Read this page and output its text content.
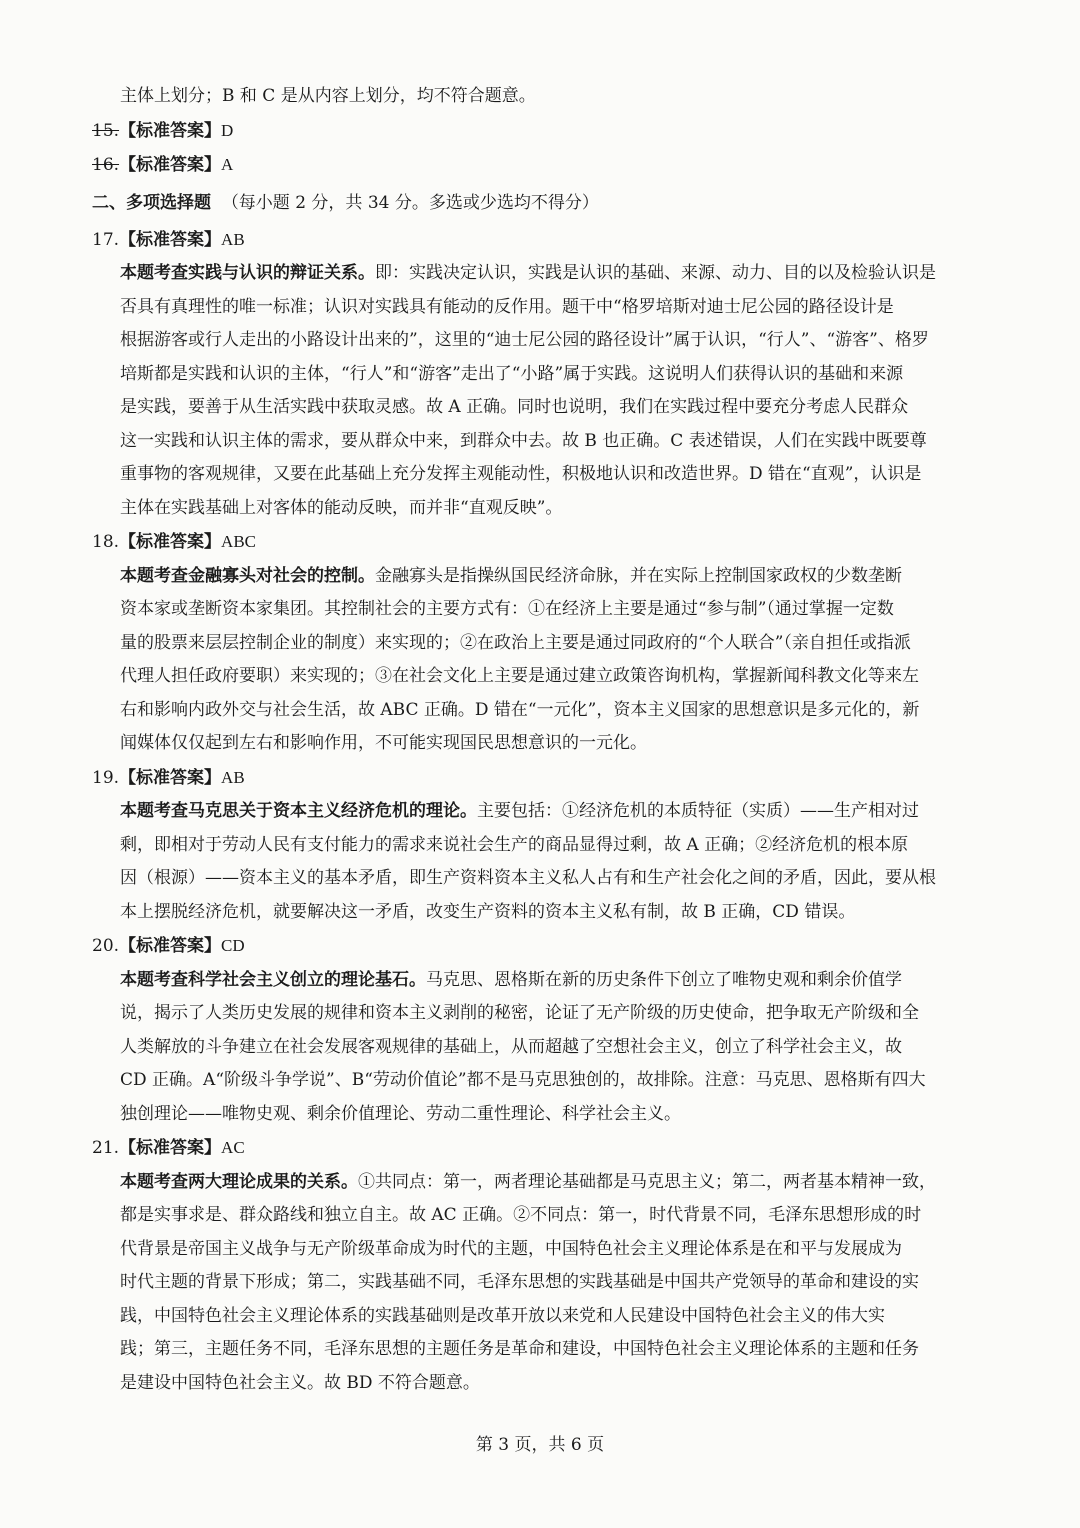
主体上划分；B 和 C 是从内容上划分，均不符合题意。
15.【标准答案】D
16.【标准答案】A
二、多项选择题 （每小题 2 分，共 34 分。多选或少选均不得分）
17.【标准答案】AB
本题考查实践与认识的辩证关系。即：实践决定认识，实践是认识的基础、来源、动力、目的以及检验认识是
否具有真理性的唯一标准；认识对实践具有能动的反作用。题干中“格罗培斯对迪士尼公园的路径设计是
根据游客或行人走出的小路设计出来的”，这里的“迪士尼公园的路径设计”属于认识，“行人”、“游客”、格罗
培斯都是实践和认识的主体，“行人”和“游客”走出了“小路”属于实践。这说明人们获得认识的基础和来源
是实践，要善于从生活实践中获取灵感。故 A 正确。同时也说明，我们在实践过程中要充分考虑人民群众
这一实践和认识主体的需求，要从群众中来，到群众中去。故 B 也正确。C 表述错误，人们在实践中既要尊
重事物的客观规律，又要在此基础上充分发挥主观能动性，积极地认识和改造世界。D 错在“直观”，认识是
主体在实践基础上对客体的能动反映，而并非“直观反映”。
18.【标准答案】ABC
本题考查金融寡头对社会的控制。金融寡头是指操纵国民经济命脉，并在实际上控制国家政权的少数垄断
资本家或垄断资本家集团。其控制社会的主要方式有：①在经济上主要是通过“参与制”（通过掌握一定数
量的股票来层层控制企业的制度）来实现的；②在政治上主要是通过同政府的“个人联合”（亲自担任或指派
代理人担任政府要职）来实现的；③在社会文化上主要是通过建立政策咨询机构，掌握新闻科教文化等来左
右和影响内政外交与社会生活，故 ABC 正确。D 错在“一元化”，资本主义国家的思想意识是多元化的，新
闻媒体仅仅起到左右和影响作用，不可能实现国民思想意识的一元化。
19.【标准答案】AB
本题考查马克思关于资本主义经济危机的理论。主要包括：①经济危机的本质特征（实质）——生产相对过
剩，即相对于劳动人民有支付能力的需求来说社会生产的商品显得过剩，故 A 正确；②经济危机的根本原
因（根源）——资本主义的基本矛盾，即生产资料资本主义私人占有和生产社会化之间的矛盾，因此，要从根
本上摆脱经济危机，就要解决这一矛盾，改变生产资料的资本主义私有制，故 B 正确，CD 错误。
20.【标准答案】CD
本题考查科学社会主义创立的理论基石。马克思、恩格斯在新的历史条件下创立了唯物史观和剩余价值学
说，揭示了人类历史发展的规律和资本主义剥削的秘密，论证了无产阶级的历史使命，把争取无产阶级和全
人类解放的斗争建立在社会发展客观规律的基础上，从而超越了空想社会主义，创立了科学社会主义，故
CD 正确。A“阶级斗争学说”、B“劳动价值论”都不是马克思独创的，故排除。注意：马克思、恩格斯有四大
独创理论——唯物史观、剩余价值理论、劳动二重性理论、科学社会主义。
21.【标准答案】AC
本题考查两大理论成果的关系。①共同点：第一，两者理论基础都是马克思主义；第二，两者基本精神一致，
都是实事求是、群众路线和独立自主。故 AC 正确。②不同点：第一，时代背景不同，毛泽东思想形成的时
代背景是帝国主义战争与无产阶级革命成为时代的主题，中国特色社会主义理论体系是在和平与发展成为
时代主题的背景下形成；第二，实践基础不同，毛泽东思想的实践基础是中国共产党领导的革命和建设的实
践，中国特色社会主义理论体系的实践基础则是改革开放以来党和人民建设中国特色社会主义的伟大实
践；第三，主题任务不同，毛泽东思想的主题任务是革命和建设，中国特色社会主义理论体系的主题和任务
是建设中国特色社会主义。故 BD 不符合题意。
第 3 页，共 6 页
